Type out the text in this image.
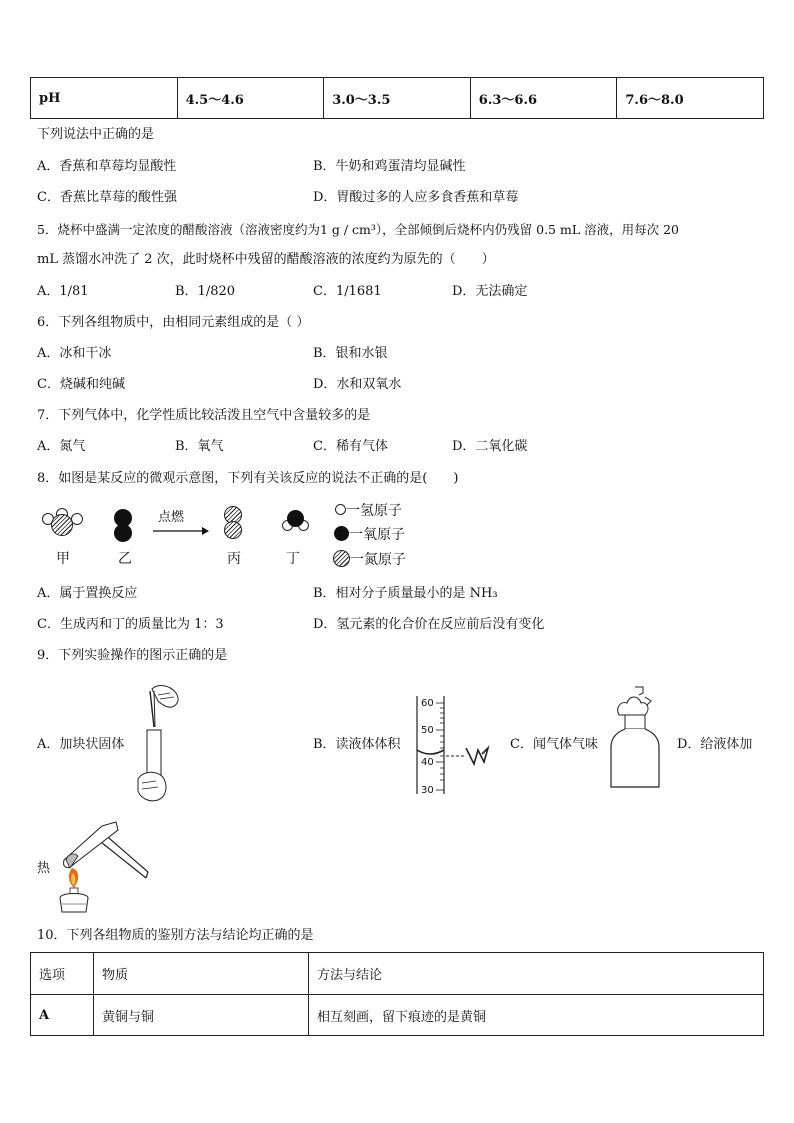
pH	4.5～4.6	3.0～3.5	6.3～6.6	7.6～8.0
下列说法中正确的是
A．香蕉和草莓均显酸性	B．牛奶和鸡蛋清均显碱性
C．香蕉比草莓的酸性强	D．胃酸过多的人应多食香蕉和草莓
5．烧杯中盛满一定浓度的醋酸溶液（溶液密度约为1 g / cm³），全部倾倒后烧杯内仍残留 0.5 mL 溶液，用每次 20
mL 蒸馏水冲洗了 2 次，此时烧杯中残留的醋酸溶液的浓度约为原先的（　　）
A．1/81	B．1/820	C．1/1681	D．无法确定
6．下列各组物质中，由相同元素组成的是（ ）
A．冰和干冰	B．银和水银
C．烧碱和纯碱	D．水和双氧水
7．下列气体中，化学性质比较活泼且空气中含量较多的是
A．氮气	B．氧气	C．稀有气体	D．二氧化碳
8．如图是某反应的微观示意图，下列有关该反应的说法不正确的是(　　)
甲	乙
点燃
丙	丁
一氢原子
一氧原子
一氮原子
A．属于置换反应	B．相对分子质量最小的是 NH₃
C．生成丙和丁的质量比为 1：3	D．氢元素的化合价在反应前后没有变化
9．下列实验操作的图示正确的是
A．加块状固体	B．读液体体积
60
50
40
30
C．闻气体气味	D．给液体加
热
10．下列各组物质的鉴别方法与结论均正确的是
选项	物质	方法与结论
A	黄铜与铜	相互刻画，留下痕迹的是黄铜
